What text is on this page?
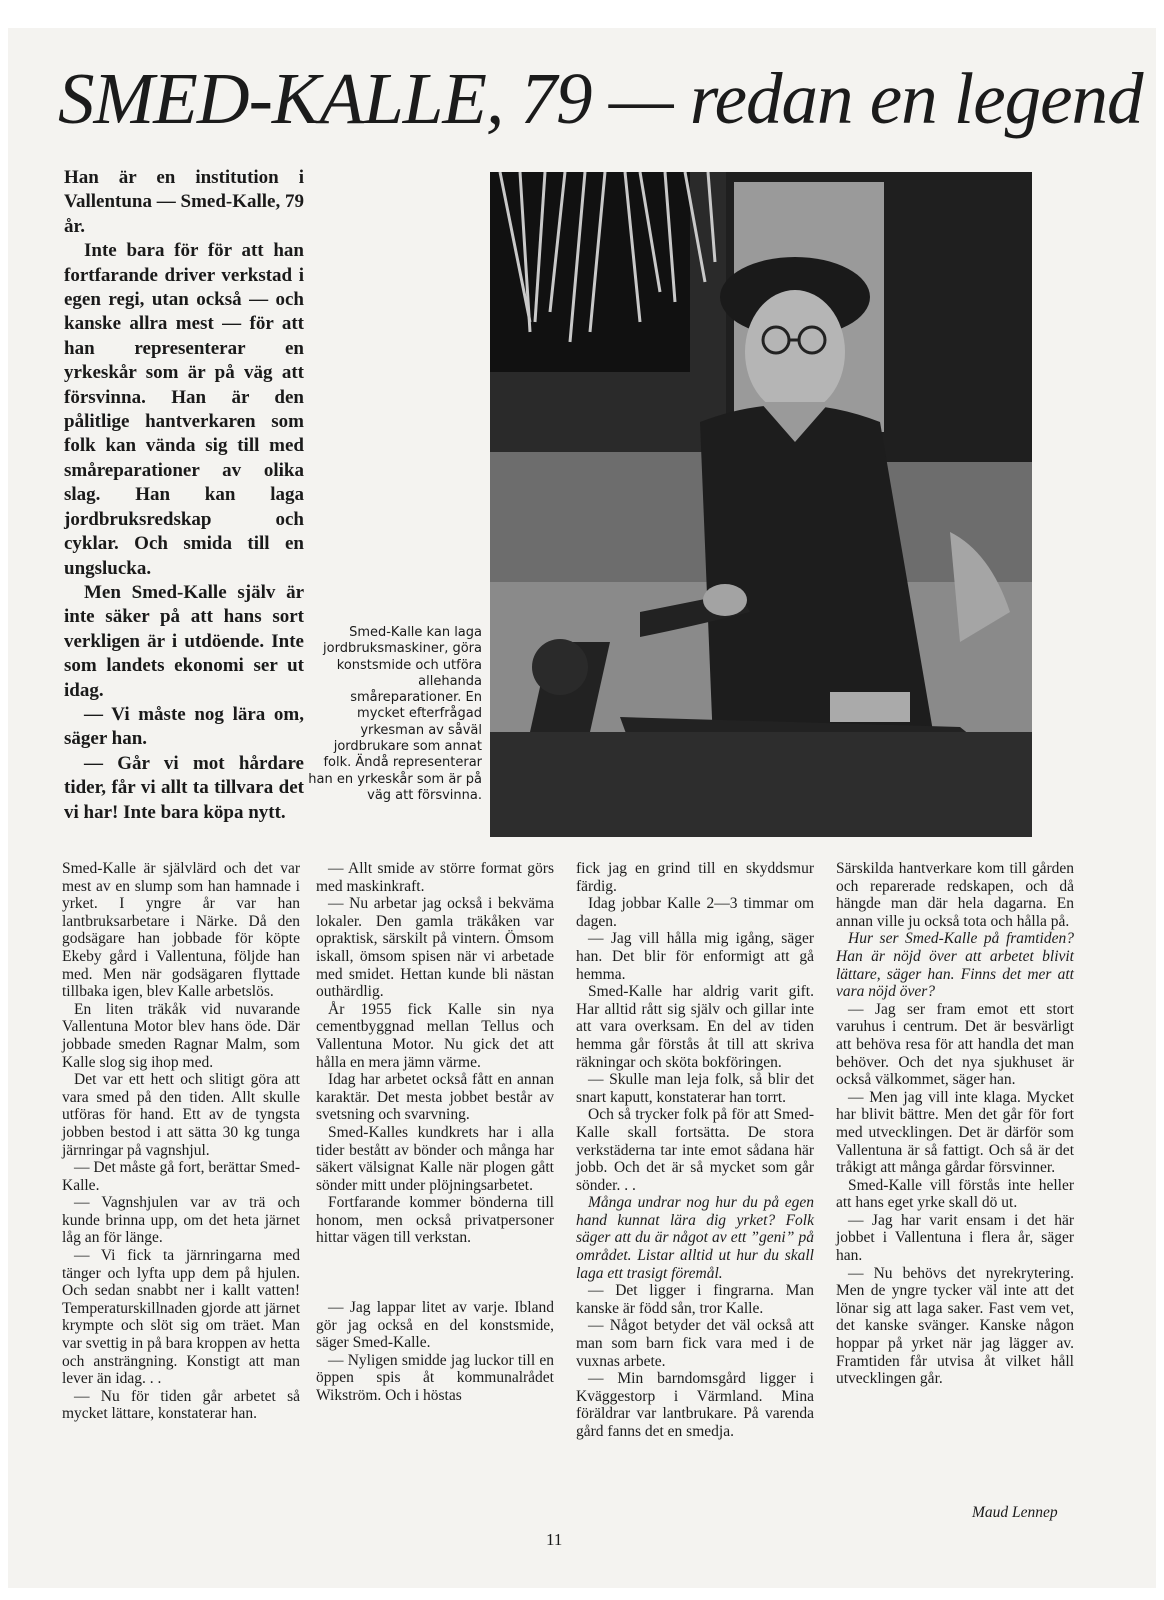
SMED-KALLE, 79 — redan en legend

Han är en institution i Vallentuna — Smed-Kalle, 79 år.

Inte bara för för att han fortfarande driver verkstad i egen regi, utan också — och kanske allra mest — för att han representerar en yrkeskår som är på väg att försvinna. Han är den pålitlige hantverkaren som folk kan vända sig till med småreparationer av olika slag. Han kan laga jordbruksredskap och cyklar. Och smida till en ungslucka.

Men Smed-Kalle själv är inte säker på att hans sort verkligen är i utdöende. Inte som landets ekonomi ser ut idag.

— Vi måste nog lära om, säger han.

— Går vi mot hårdare tider, får vi allt ta tillvara det vi har! Inte bara köpa nytt.

Smed-Kalle kan laga jordbruksmaskiner, göra konstsmide och utföra allehanda småreparationer. En mycket efterfrågad yrkesman av såväl jordbrukare som annat folk. Ändå representerar han en yrkeskår som är på väg att försvinna.

Smed-Kalle är självlärd och det var mest av en slump som han hamnade i yrket. I yngre år var han lantbruksarbetare i Närke. Då den godsägare han jobbade för köpte Ekeby gård i Vallentuna, följde han med. Men när godsägaren flyttade tillbaka igen, blev Kalle arbetslös.

En liten träkåk vid nuvarande Vallentuna Motor blev hans öde. Där jobbade smeden Ragnar Malm, som Kalle slog sig ihop med.

Det var ett hett och slitigt göra att vara smed på den tiden. Allt skulle utföras för hand. Ett av de tyngsta jobben bestod i att sätta 30 kg tunga järnringar på vagnshjul.

— Det måste gå fort, berättar Smed-Kalle.

— Vagnshjulen var av trä och kunde brinna upp, om det heta järnet låg an för länge.

— Vi fick ta järnringarna med tänger och lyfta upp dem på hjulen. Och sedan snabbt ner i kallt vatten! Temperaturskillnaden gjorde att järnet krympte och slöt sig om träet. Man var svettig in på bara kroppen av hetta och ansträngning. Konstigt att man lever än idag. . .

— Nu för tiden går arbetet så mycket lättare, konstaterar han.

— Allt smide av större format görs med maskinkraft.

— Nu arbetar jag också i bekväma lokaler. Den gamla träkåken var opraktisk, särskilt på vintern. Ömsom iskall, ömsom spisen när vi arbetade med smidet. Hettan kunde bli nästan outhärdlig.

År 1955 fick Kalle sin nya cementbyggnad mellan Tellus och Vallentuna Motor. Nu gick det att hålla en mera jämn värme.

Idag har arbetet också fått en annan karaktär. Det mesta jobbet består av svetsning och svarvning.

Smed-Kalles kundkrets har i alla tider bestått av bönder och många har säkert välsignat Kalle när plogen gått sönder mitt under plöjningsarbetet.

Fortfarande kommer bönderna till honom, men också privatpersoner hittar vägen till verkstan.

— Jag lappar litet av varje. Ibland gör jag också en del konstsmide, säger Smed-Kalle.

— Nyligen smidde jag luckor till en öppen spis åt kommunalrådet Wikström. Och i höstas

fick jag en grind till en skyddsmur färdig.

Idag jobbar Kalle 2—3 timmar om dagen.

— Jag vill hålla mig igång, säger han. Det blir för enformigt att gå hemma.

Smed-Kalle har aldrig varit gift. Har alltid rått sig själv och gillar inte att vara overksam. En del av tiden hemma går förstås åt till att skriva räkningar och sköta bokföringen.

— Skulle man leja folk, så blir det snart kaputt, konstaterar han torrt.

Och så trycker folk på för att Smed-Kalle skall fortsätta. De stora verkstäderna tar inte emot sådana här jobb. Och det är så mycket som går sönder. . .

Många undrar nog hur du på egen hand kunnat lära dig yrket? Folk säger att du är något av ett ”geni” på området. Listar alltid ut hur du skall laga ett trasigt föremål.

— Det ligger i fingrarna. Man kanske är född sån, tror Kalle.

— Något betyder det väl också att man som barn fick vara med i de vuxnas arbete.

— Min barndomsgård ligger i Kväggestorp i Värmland. Mina föräldrar var lantbrukare. På varenda gård fanns det en smedja.

Särskilda hantverkare kom till gården och reparerade redskapen, och då hängde man där hela dagarna. En annan ville ju också tota och hålla på.

Hur ser Smed-Kalle på framtiden? Han är nöjd över att arbetet blivit lättare, säger han. Finns det mer att vara nöjd över?

— Jag ser fram emot ett stort varuhus i centrum. Det är besvärligt att behöva resa för att handla det man behöver. Och det nya sjukhuset är också välkommet, säger han.

— Men jag vill inte klaga. Mycket har blivit bättre. Men det går för fort med utvecklingen. Det är därför som Vallentuna är så fattigt. Och så är det tråkigt att många gårdar försvinner.

Smed-Kalle vill förstås inte heller att hans eget yrke skall dö ut.

— Jag har varit ensam i det här jobbet i Vallentuna i flera år, säger han.

— Nu behövs det nyrekrytering. Men de yngre tycker väl inte att det lönar sig att laga saker. Fast vem vet, det kanske svänger. Kanske någon hoppar på yrket när jag lägger av. Framtiden får utvisa åt vilket håll utvecklingen går.

Maud Lennep
11
